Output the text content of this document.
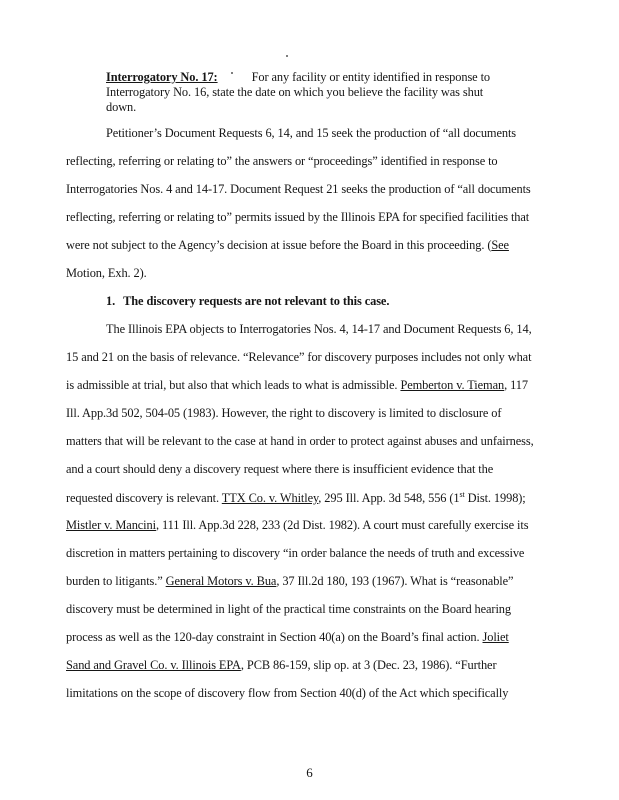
Interrogatory No. 17:	For any facility or entity identified in response to
Interrogatory No. 16, state the date on which you believe the facility was shut
down.
Petitioner’s Document Requests 6, 14, and 15 seek the production of “all documents
reflecting, referring or relating to” the answers or “proceedings” identified in response to
Interrogatories Nos. 4 and 14-17. Document Request 21 seeks the production of “all documents
reflecting, referring or relating to” permits issued by the Illinois EPA for specified facilities that
were not subject to the Agency’s decision at issue before the Board in this proceeding. (See
Motion, Exh. 2).
1. The discovery requests are not relevant to this case.
The Illinois EPA objects to Interrogatories Nos. 4, 14-17 and Document Requests 6, 14,
15 and 21 on the basis of relevance. “Relevance” for discovery purposes includes not only what
is admissible at trial, but also that which leads to what is admissible. Pemberton v. Tieman, 117
Ill. App.3d 502, 504-05 (1983). However, the right to discovery is limited to disclosure of
matters that will be relevant to the case at hand in order to protect against abuses and unfairness,
and a court should deny a discovery request where there is insufficient evidence that the
requested discovery is relevant. TTX Co. v. Whitley, 295 Ill. App. 3d 548, 556 (1st Dist. 1998);
Mistler v. Mancini, 111 Ill. App.3d 228, 233 (2d Dist. 1982). A court must carefully exercise its
discretion in matters pertaining to discovery “in order balance the needs of truth and excessive
burden to litigants.” General Motors v. Bua, 37 Ill.2d 180, 193 (1967). What is “reasonable”
discovery must be determined in light of the practical time constraints on the Board hearing
process as well as the 120-day constraint in Section 40(a) on the Board’s final action. Joliet
Sand and Gravel Co. v. Illinois EPA, PCB 86-159, slip op. at 3 (Dec. 23, 1986). “Further
limitations on the scope of discovery flow from Section 40(d) of the Act which specifically
6
